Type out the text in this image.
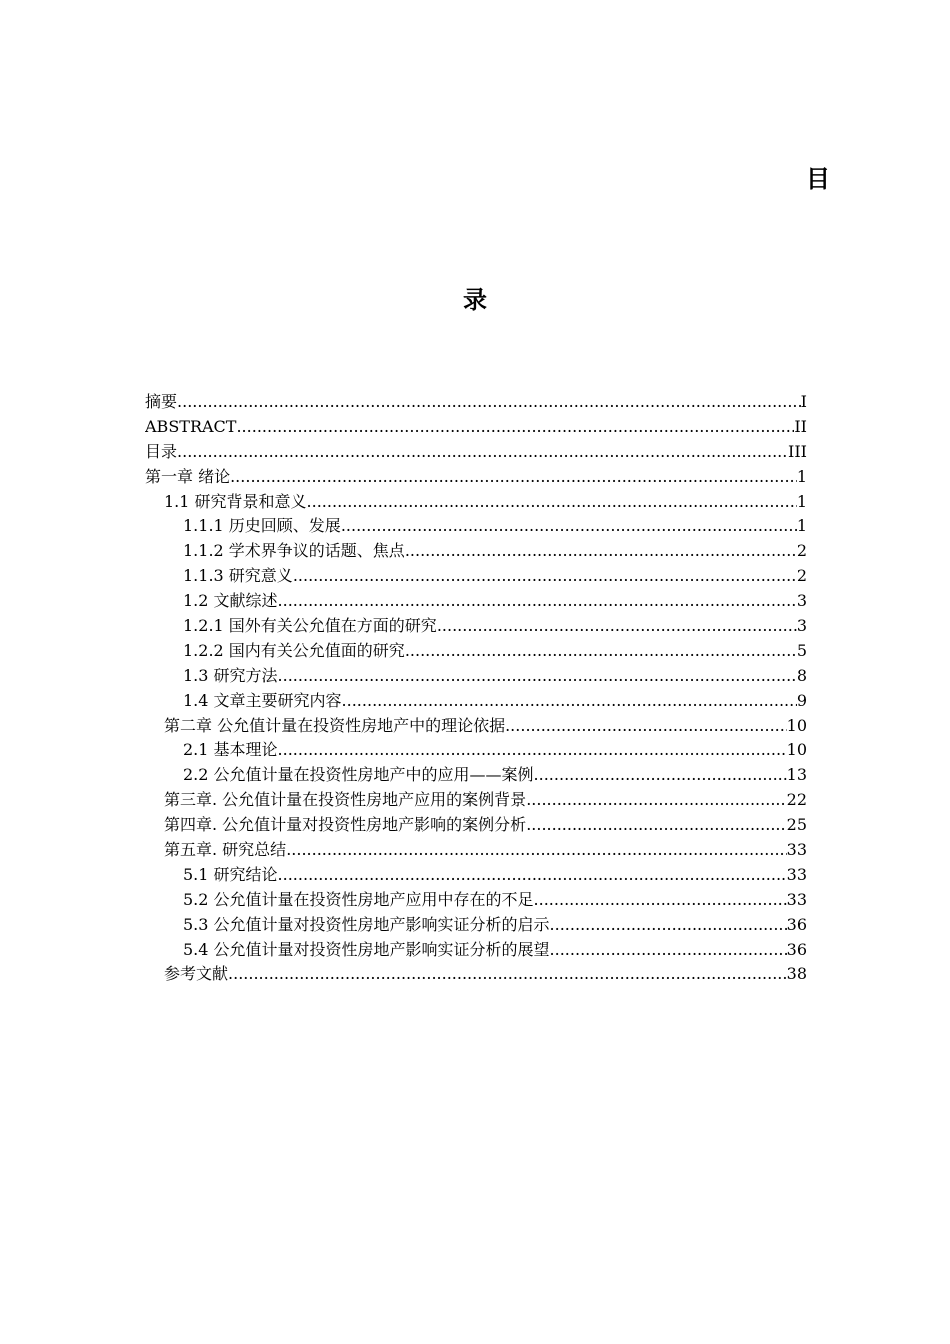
目
录
摘要 .....	I
ABSTRACT .....	II
目录 .....	III
第一章 绪论 .....	1
1.1 研究背景和意义 .....	1
1.1.1 历史回顾、发展 .....	1
1.1.2 学术界争议的话题、焦点 .....	2
1.1.3 研究意义 .....	2
1.2 文献综述 .....	3
1.2.1 国外有关公允值在方面的研究 .....	3
1.2.2 国内有关公允值面的研究 .....	5
1.3 研究方法 .....	8
1.4 文章主要研究内容 .....	9
第二章 公允值计量在投资性房地产中的理论依据 .....	10
2.1 基本理论 .....	10
2.2 公允值计量在投资性房地产中的应用——案例 .....	13
第三章. 公允值计量在投资性房地产应用的案例背景 .....	22
第四章. 公允值计量对投资性房地产影响的案例分析 .....	25
第五章. 研究总结 .....	33
5.1 研究结论 .....	33
5.2 公允值计量在投资性房地产应用中存在的不足 .....	33
5.3 公允值计量对投资性房地产影响实证分析的启示 .....	36
5.4 公允值计量对投资性房地产影响实证分析的展望 .....	36
参考文献 .....	38
